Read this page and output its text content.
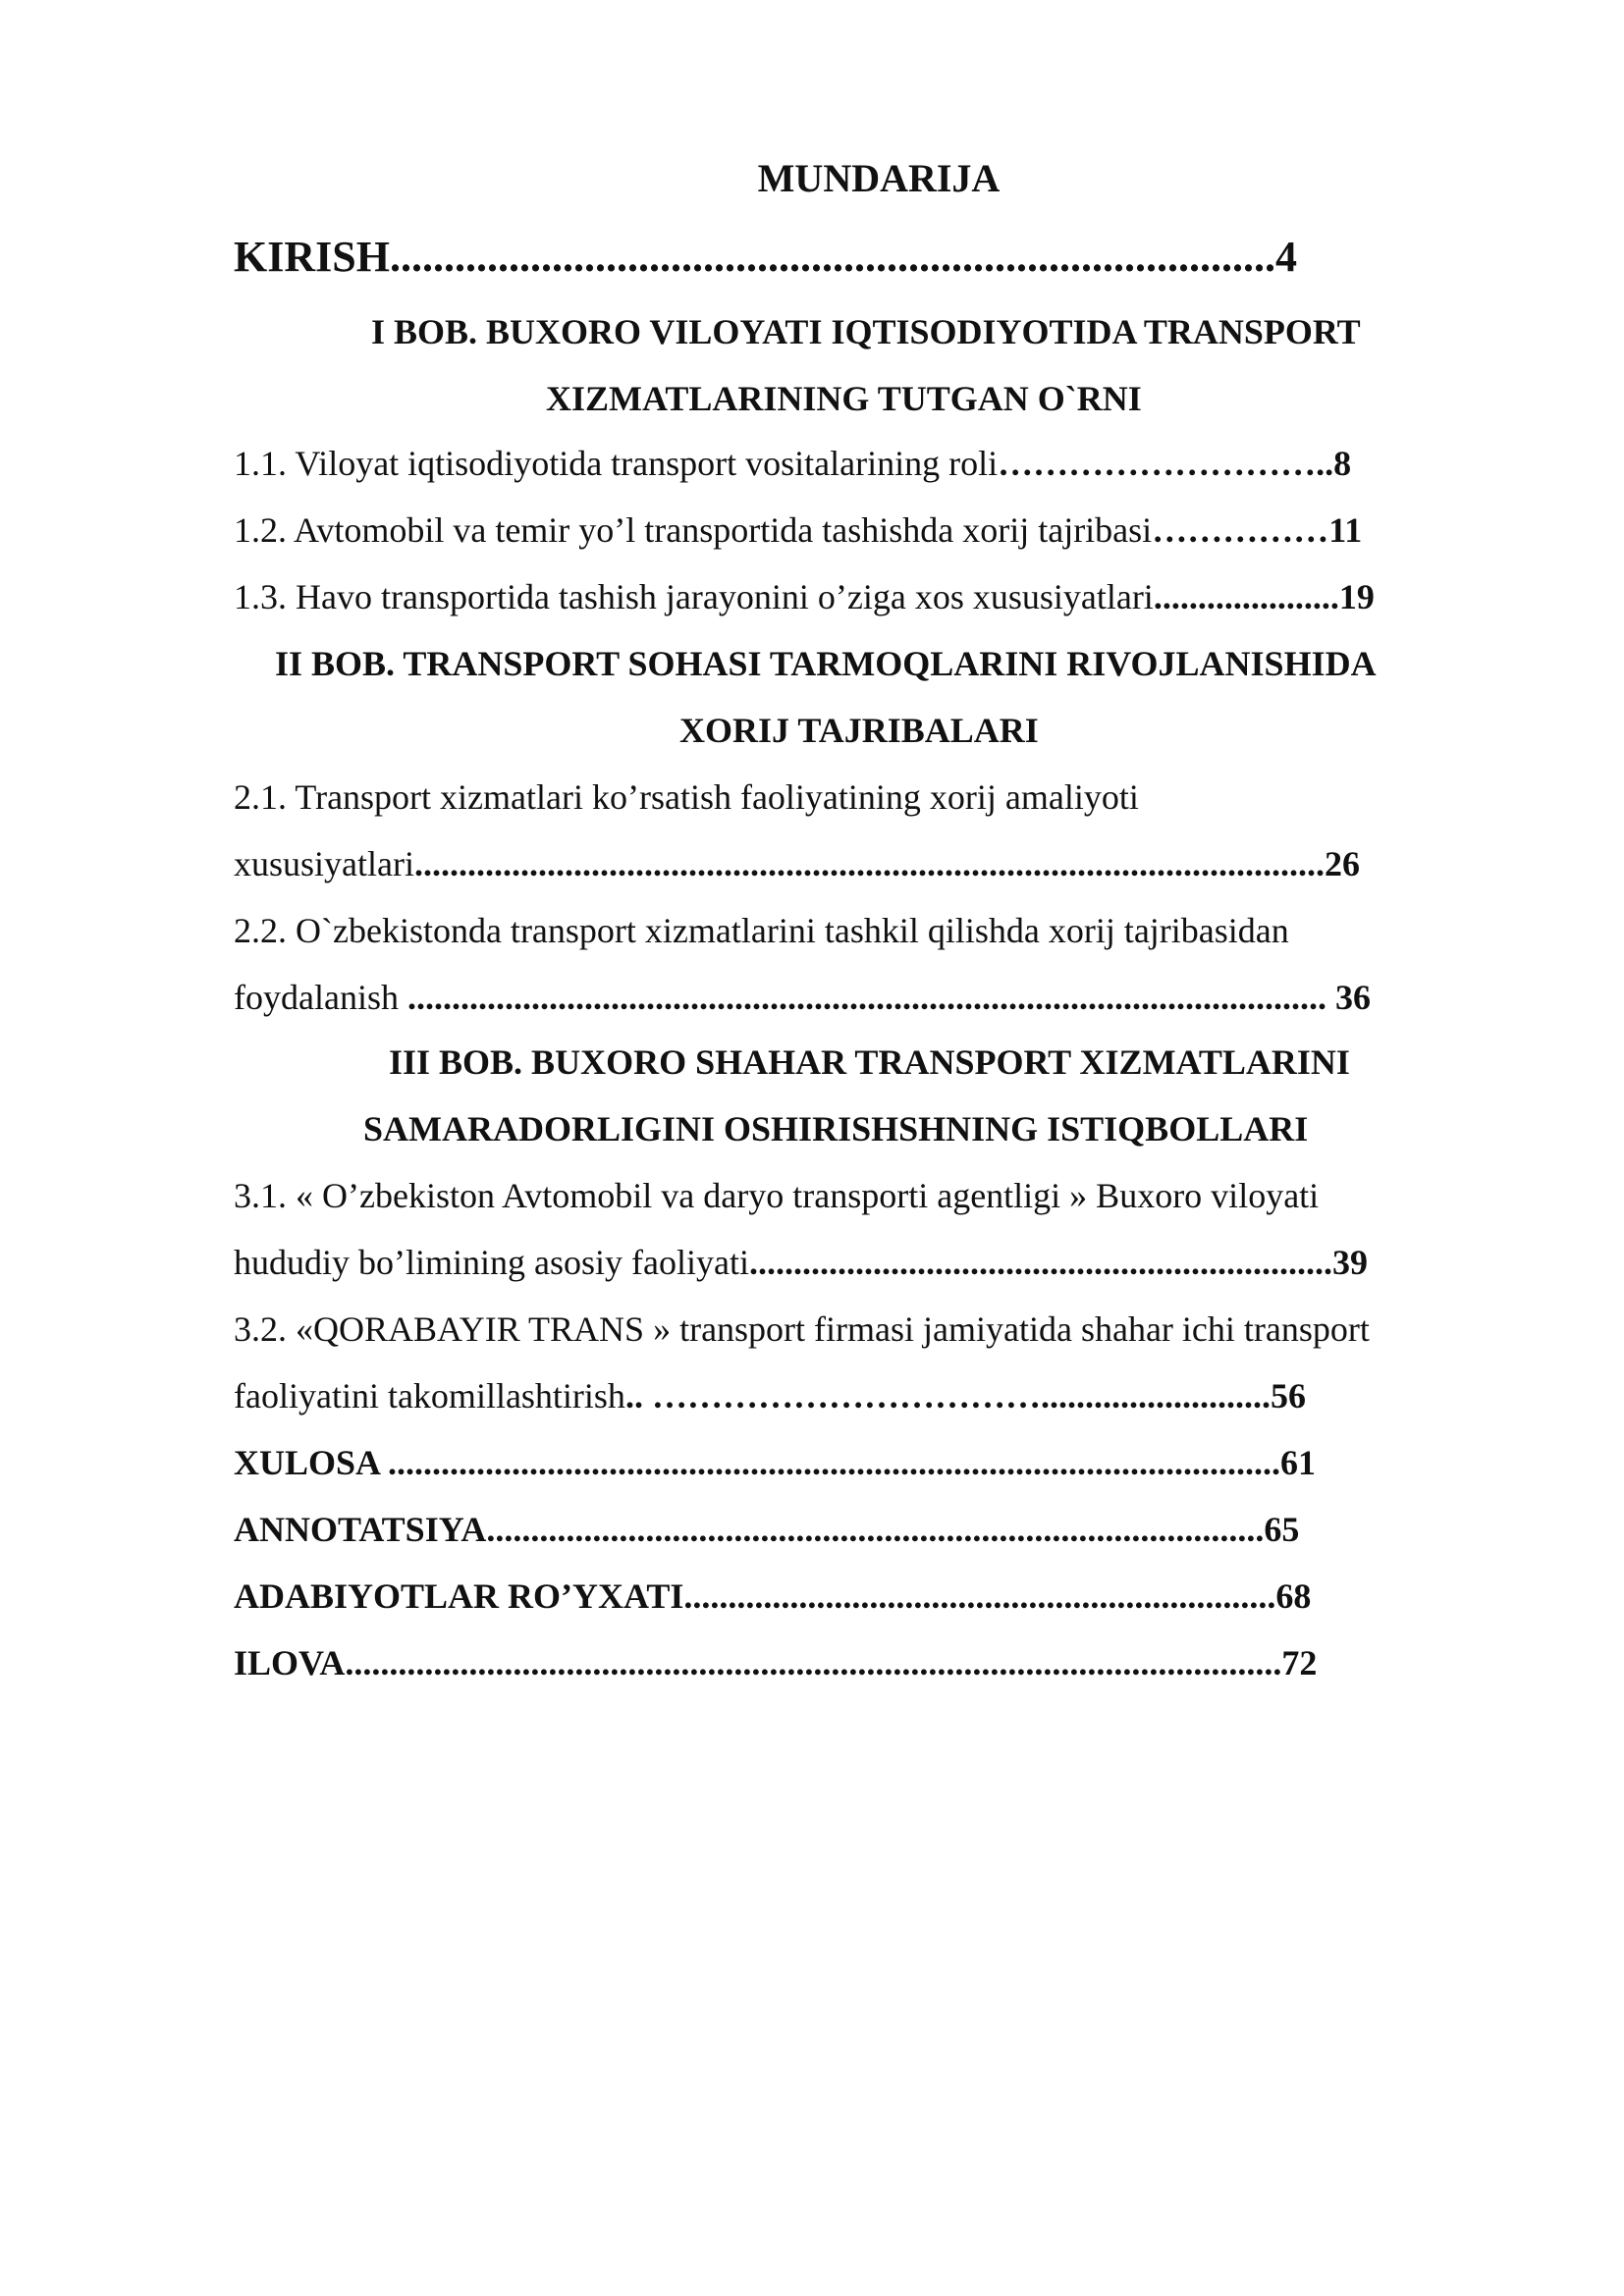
MUNDARIJA
KIRISH..................................................................................4
I BOB. BUXORO VILOYATI IQTISODIYOTIDA TRANSPORT
XIZMATLARINING TUTGAN O`RNI
1.1. Viloyat iqtisodiyotida transport vositalarining roli………………………..8
1.2. Avtomobil va temir yo’l transportida tashishda xorij tajribasi……………11
1.3. Havo transportida tashish jarayonini o’ziga xos xususiyatlari.....................19
II BOB. TRANSPORT SOHASI TARMOQLARINI RIVOJLANISHIDA
XORIJ TAJRIBALARI
2.1. Transport xizmatlari ko’rsatish faoliyatining xorij amaliyoti
xususiyatlari.......................................................................................................26
2.2. O`zbekistonda transport xizmatlarini tashkil qilishda xorij tajribasidan
foydalanish ........................................................................................................ 36
III BOB. BUXORO SHAHAR TRANSPORT XIZMATLARINI
SAMARADORLIGINI OSHIRISHSHNING ISTIQBOLLARI
3.1. « O’zbekiston Avtomobil va daryo transporti agentligi » Buxoro viloyati
hududiy bo’limining asosiy faoliyati..................................................................39
3.2. «QORABAYIR TRANS » transport firmasi jamiyatida shahar ichi transport
faoliyatini takomillashtirish.. ……………………………..........................56
XULOSA .....................................................................................................61
ANNOTATSIYA........................................................................................65
ADABIYOTLAR RO’YXATI...................................................................68
ILOVA..........................................................................................................72
